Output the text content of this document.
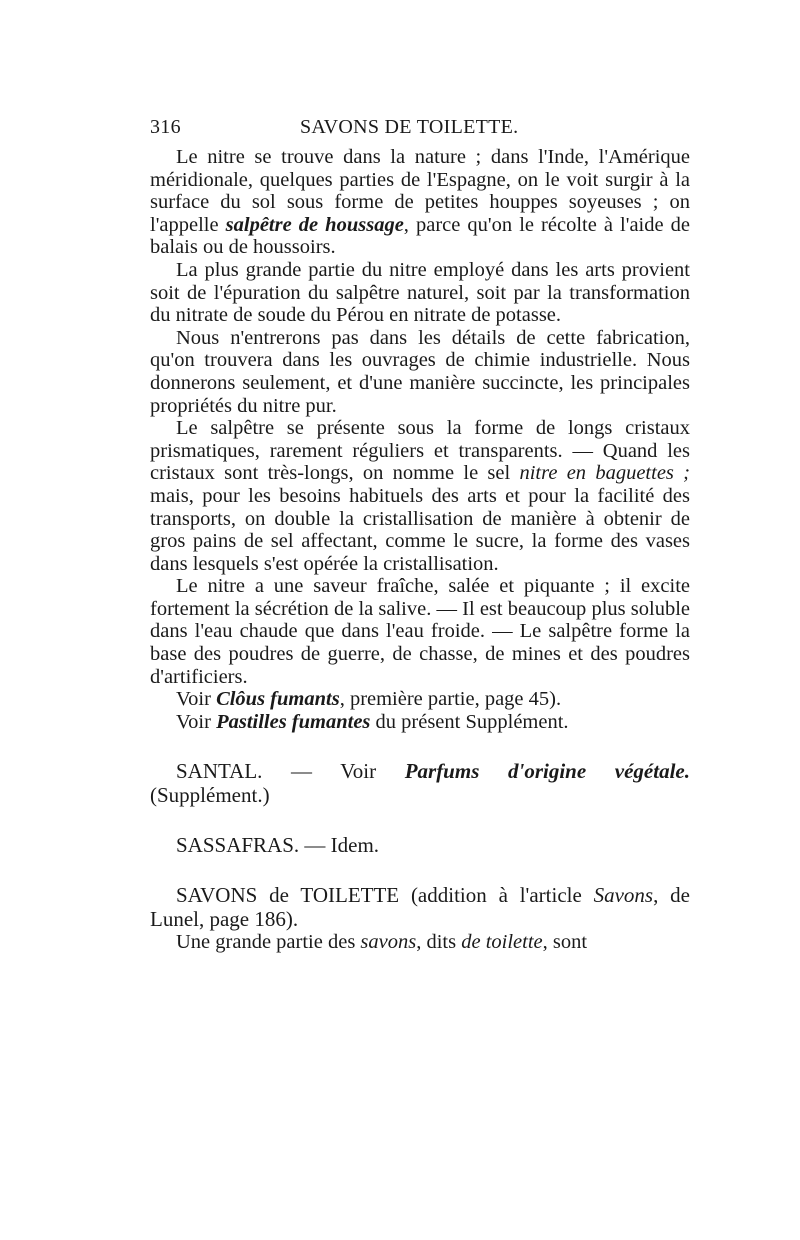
316	SAVONS DE TOILETTE.

Le nitre se trouve dans la nature ; dans l'Inde, l'Amérique méridionale, quelques parties de l'Espagne, on le voit surgir à la surface du sol sous forme de petites houppes soyeuses ; on l'appelle salpêtre de houssage, parce qu'on le récolte à l'aide de balais ou de houssoirs.

La plus grande partie du nitre employé dans les arts provient soit de l'épuration du salpêtre naturel, soit par la transformation du nitrate de soude du Pérou en nitrate de potasse.

Nous n'entrerons pas dans les détails de cette fabrication, qu'on trouvera dans les ouvrages de chimie industrielle. Nous donnerons seulement, et d'une manière succincte, les principales propriétés du nitre pur.

Le salpêtre se présente sous la forme de longs cristaux prismatiques, rarement réguliers et transparents. — Quand les cristaux sont très-longs, on nomme le sel nitre en baguettes ; mais, pour les besoins habituels des arts et pour la facilité des transports, on double la cristallisation de manière à obtenir de gros pains de sel affectant, comme le sucre, la forme des vases dans lesquels s'est opérée la cristallisation.

Le nitre a une saveur fraîche, salée et piquante ; il excite fortement la sécrétion de la salive. — Il est beaucoup plus soluble dans l'eau chaude que dans l'eau froide. — Le salpêtre forme la base des poudres de guerre, de chasse, de mines et des poudres d'artificiers.

Voir Clôus fumants, première partie, page 45).

Voir Pastilles fumantes du présent Supplément.

SANTAL. — Voir Parfums d'origine végétale. (Supplément.)

SASSAFRAS. — Idem.

SAVONS de TOILETTE (addition à l'article Savons, de Lunel, page 186).

Une grande partie des savons, dits de toilette, sont
